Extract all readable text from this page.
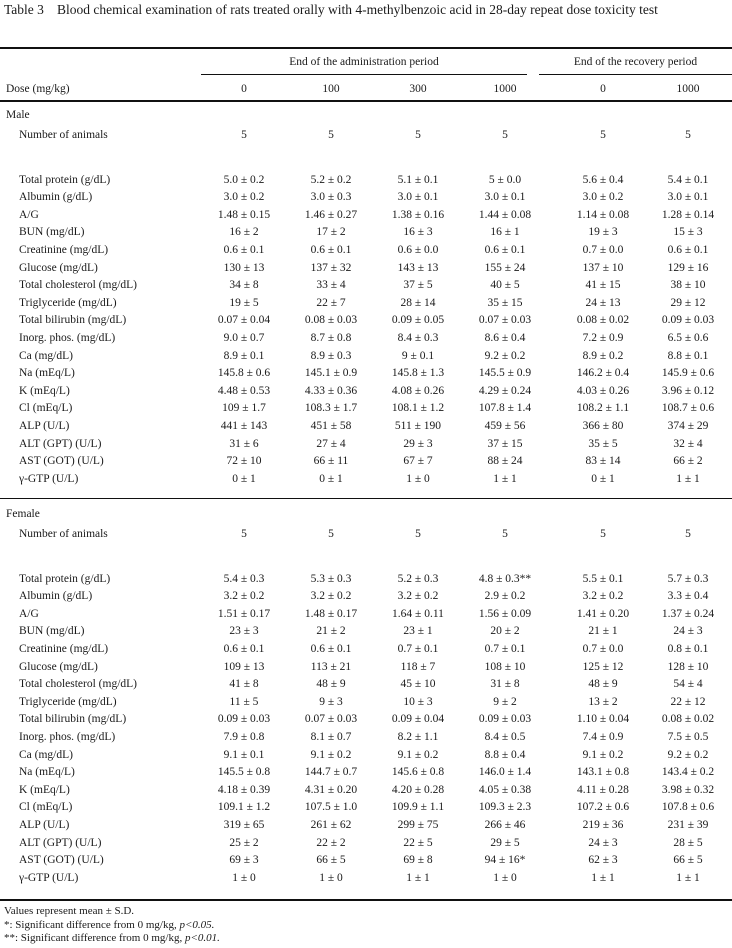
Table 3 Blood chemical examination of rats treated orally with 4-methylbenzoic acid in 28-day repeat dose toxicity test
End of the administration period	End of the recovery period
Dose (mg/kg)	0	100	300	1000	0	1000
Male
Number of animals	5	5	5	5	5	5
Total protein (g/dL)	5.0 ± 0.2	5.2 ± 0.2	5.1 ± 0.1	5 ± 0.0	5.6 ± 0.4	5.4 ± 0.1
Albumin (g/dL)	3.0 ± 0.2	3.0 ± 0.3	3.0 ± 0.1	3.0 ± 0.1	3.0 ± 0.2	3.0 ± 0.1
A/G	1.48 ± 0.15	1.46 ± 0.27	1.38 ± 0.16	1.44 ± 0.08	1.14 ± 0.08	1.28 ± 0.14
BUN (mg/dL)	16 ± 2	17 ± 2	16 ± 3	16 ± 1	19 ± 3	15 ± 3
Creatinine (mg/dL)	0.6 ± 0.1	0.6 ± 0.1	0.6 ± 0.0	0.6 ± 0.1	0.7 ± 0.0	0.6 ± 0.1
Glucose (mg/dL)	130 ± 13	137 ± 32	143 ± 13	155 ± 24	137 ± 10	129 ± 16
Total cholesterol (mg/dL)	34 ± 8	33 ± 4	37 ± 5	40 ± 5	41 ± 15	38 ± 10
Triglyceride (mg/dL)	19 ± 5	22 ± 7	28 ± 14	35 ± 15	24 ± 13	29 ± 12
Total bilirubin (mg/dL)	0.07 ± 0.04	0.08 ± 0.03	0.09 ± 0.05	0.07 ± 0.03	0.08 ± 0.02	0.09 ± 0.03
Inorg. phos. (mg/dL)	9.0 ± 0.7	8.7 ± 0.8	8.4 ± 0.3	8.6 ± 0.4	7.2 ± 0.9	6.5 ± 0.6
Ca (mg/dL)	8.9 ± 0.1	8.9 ± 0.3	9 ± 0.1	9.2 ± 0.2	8.9 ± 0.2	8.8 ± 0.1
Na (mEq/L)	145.8 ± 0.6	145.1 ± 0.9	145.8 ± 1.3	145.5 ± 0.9	146.2 ± 0.4	145.9 ± 0.6
K (mEq/L)	4.48 ± 0.53	4.33 ± 0.36	4.08 ± 0.26	4.29 ± 0.24	4.03 ± 0.26	3.96 ± 0.12
Cl (mEq/L)	109 ± 1.7	108.3 ± 1.7	108.1 ± 1.2	107.8 ± 1.4	108.2 ± 1.1	108.7 ± 0.6
ALP (U/L)	441 ± 143	451 ± 58	511 ± 190	459 ± 56	366 ± 80	374 ± 29
ALT (GPT) (U/L)	31 ± 6	27 ± 4	29 ± 3	37 ± 15	35 ± 5	32 ± 4
AST (GOT) (U/L)	72 ± 10	66 ± 11	67 ± 7	88 ± 24	83 ± 14	66 ± 2
γ-GTP (U/L)	0 ± 1	0 ± 1	1 ± 0	1 ± 1	0 ± 1	1 ± 1
Female
Number of animals	5	5	5	5	5	5
Total protein (g/dL)	5.4 ± 0.3	5.3 ± 0.3	5.2 ± 0.3	4.8 ± 0.3**	5.5 ± 0.1	5.7 ± 0.3
Albumin (g/dL)	3.2 ± 0.2	3.2 ± 0.2	3.2 ± 0.2	2.9 ± 0.2	3.2 ± 0.2	3.3 ± 0.4
A/G	1.51 ± 0.17	1.48 ± 0.17	1.64 ± 0.11	1.56 ± 0.09	1.41 ± 0.20	1.37 ± 0.24
BUN (mg/dL)	23 ± 3	21 ± 2	23 ± 1	20 ± 2	21 ± 1	24 ± 3
Creatinine (mg/dL)	0.6 ± 0.1	0.6 ± 0.1	0.7 ± 0.1	0.7 ± 0.1	0.7 ± 0.0	0.8 ± 0.1
Glucose (mg/dL)	109 ± 13	113 ± 21	118 ± 7	108 ± 10	125 ± 12	128 ± 10
Total cholesterol (mg/dL)	41 ± 8	48 ± 9	45 ± 10	31 ± 8	48 ± 9	54 ± 4
Triglyceride (mg/dL)	11 ± 5	9 ± 3	10 ± 3	9 ± 2	13 ± 2	22 ± 12
Total bilirubin (mg/dL)	0.09 ± 0.03	0.07 ± 0.03	0.09 ± 0.04	0.09 ± 0.03	1.10 ± 0.04	0.08 ± 0.02
Inorg. phos. (mg/dL)	7.9 ± 0.8	8.1 ± 0.7	8.2 ± 1.1	8.4 ± 0.5	7.4 ± 0.9	7.5 ± 0.5
Ca (mg/dL)	9.1 ± 0.1	9.1 ± 0.2	9.1 ± 0.2	8.8 ± 0.4	9.1 ± 0.2	9.2 ± 0.2
Na (mEq/L)	145.5 ± 0.8	144.7 ± 0.7	145.6 ± 0.8	146.0 ± 1.4	143.1 ± 0.8	143.4 ± 0.2
K (mEq/L)	4.18 ± 0.39	4.31 ± 0.20	4.20 ± 0.28	4.05 ± 0.38	4.11 ± 0.28	3.98 ± 0.32
Cl (mEq/L)	109.1 ± 1.2	107.5 ± 1.0	109.9 ± 1.1	109.3 ± 2.3	107.2 ± 0.6	107.8 ± 0.6
ALP (U/L)	319 ± 65	261 ± 62	299 ± 75	266 ± 46	219 ± 36	231 ± 39
ALT (GPT) (U/L)	25 ± 2	22 ± 2	22 ± 5	29 ± 5	24 ± 3	28 ± 5
AST (GOT) (U/L)	69 ± 3	66 ± 5	69 ± 8	94 ± 16*	62 ± 3	66 ± 5
γ-GTP (U/L)	1 ± 0	1 ± 0	1 ± 1	1 ± 0	1 ± 1	1 ± 1
Values represent mean ± S.D.
*: Significant difference from 0 mg/kg, p<0.05.
**: Significant difference from 0 mg/kg, p<0.01.
